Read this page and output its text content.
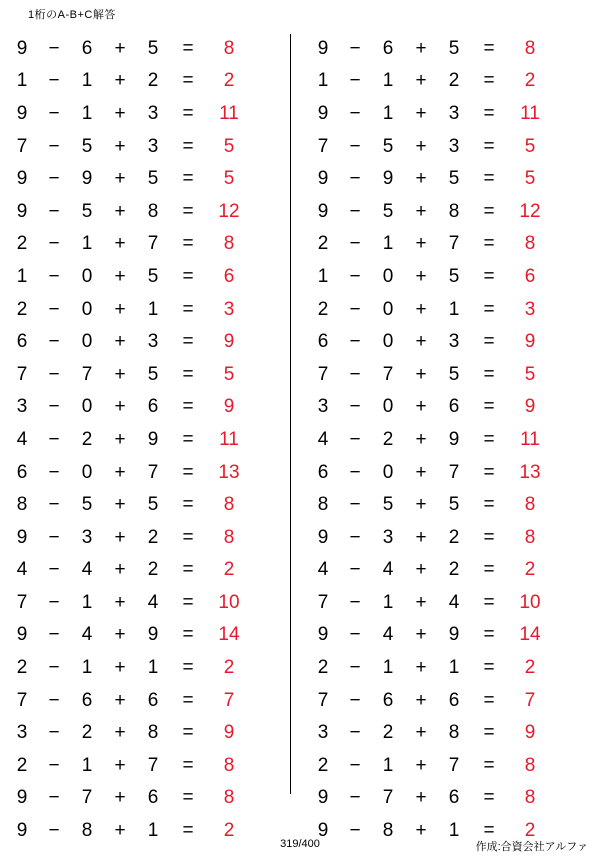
1桁のA-B+C解答
9	−	6	+	5	=	8
1	−	1	+	2	=	2
9	−	1	+	3	=	11
7	−	5	+	3	=	5
9	−	9	+	5	=	5
9	−	5	+	8	=	12
2	−	1	+	7	=	8
1	−	0	+	5	=	6
2	−	0	+	1	=	3
6	−	0	+	3	=	9
7	−	7	+	5	=	5
3	−	0	+	6	=	9
4	−	2	+	9	=	11
6	−	0	+	7	=	13
8	−	5	+	5	=	8
9	−	3	+	2	=	8
4	−	4	+	2	=	2
7	−	1	+	4	=	10
9	−	4	+	9	=	14
2	−	1	+	1	=	2
7	−	6	+	6	=	7
3	−	2	+	8	=	9
2	−	1	+	7	=	8
9	−	7	+	6	=	8
9	−	8	+	1	=	2
9	−	6	+	5	=	8
1	−	1	+	2	=	2
9	−	1	+	3	=	11
7	−	5	+	3	=	5
9	−	9	+	5	=	5
9	−	5	+	8	=	12
2	−	1	+	7	=	8
1	−	0	+	5	=	6
2	−	0	+	1	=	3
6	−	0	+	3	=	9
7	−	7	+	5	=	5
3	−	0	+	6	=	9
4	−	2	+	9	=	11
6	−	0	+	7	=	13
8	−	5	+	5	=	8
9	−	3	+	2	=	8
4	−	4	+	2	=	2
7	−	1	+	4	=	10
9	−	4	+	9	=	14
2	−	1	+	1	=	2
7	−	6	+	6	=	7
3	−	2	+	8	=	9
2	−	1	+	7	=	8
9	−	7	+	6	=	8
9	−	8	+	1	=	2
319/400	作成:合資会社アルファ
